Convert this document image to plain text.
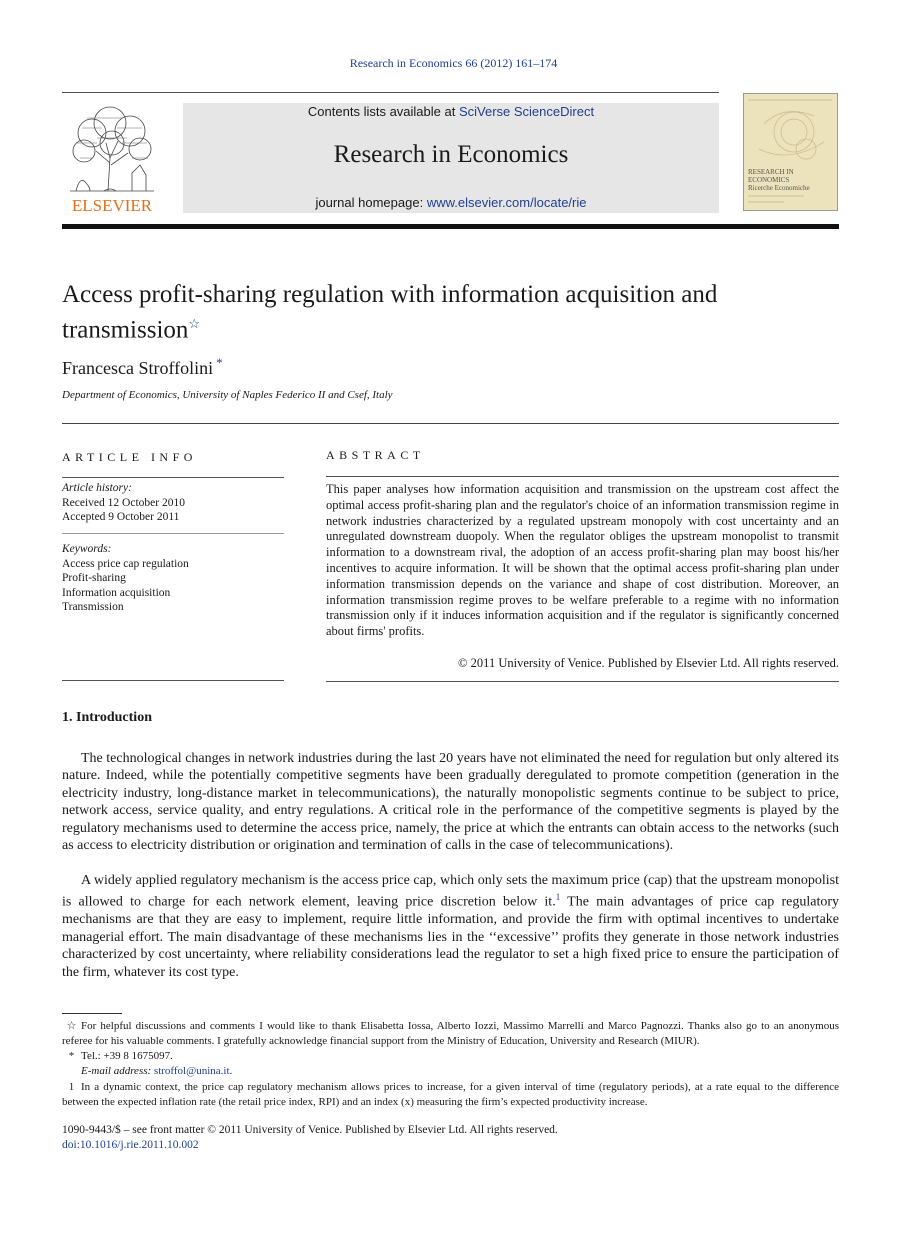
Research in Economics 66 (2012) 161–174
ELSEVIER
Contents lists available at SciVerse ScienceDirect
Research in Economics
journal homepage: www.elsevier.com/locate/rie
RESEARCH IN
ECONOMICS
Ricerche Economiche
Access profit-sharing regulation with information acquisition and transmission☆
Francesca Stroffolini *
Department of Economics, University of Naples Federico II and Csef, Italy
ARTICLE INFO
Article history:
Received 12 October 2010
Accepted 9 October 2011
Keywords:
Access price cap regulation
Profit-sharing
Information acquisition
Transmission
ABSTRACT
This paper analyses how information acquisition and transmission on the upstream cost affect the optimal access profit-sharing plan and the regulator's choice of an information transmission regime in network industries characterized by a regulated upstream monopoly with cost uncertainty and an unregulated downstream duopoly. When the regulator obliges the upstream monopolist to transmit information to a downstream rival, the adoption of an access profit-sharing plan may boost his/her incentives to acquire information. It will be shown that the optimal access profit-sharing plan under information transmission depends on the variance and shape of cost distribution. Moreover, an information transmission regime proves to be welfare preferable to a regime with no information transmission only if it induces information acquisition and if the regulator is significantly concerned about firms' profits.
© 2011 University of Venice. Published by Elsevier Ltd. All rights reserved.
1. Introduction
The technological changes in network industries during the last 20 years have not eliminated the need for regulation but only altered its nature. Indeed, while the potentially competitive segments have been gradually deregulated to promote competition (generation in the electricity industry, long-distance market in telecommunications), the naturally monopolistic segments continue to be subject to price, network access, service quality, and entry regulations. A critical role in the performance of the competitive segments is played by the regulatory mechanisms used to determine the access price, namely, the price at which the entrants can obtain access to the networks (such as access to electricity distribution or origination and termination of calls in the case of telecommunications).
A widely applied regulatory mechanism is the access price cap, which only sets the maximum price (cap) that the upstream monopolist is allowed to charge for each network element, leaving price discretion below it.$^1$ The main advantages of price cap regulatory mechanisms are that they are easy to implement, require little information, and provide the firm with optimal incentives to undertake managerial effort. The main disadvantage of these mechanisms lies in the ‘‘excessive’’ profits they generate in those network industries characterized by cost uncertainty, where reliability considerations lead the regulator to set a high fixed price to ensure the participation of the firm, whatever its cost type.
☆ For helpful discussions and comments I would like to thank Elisabetta Iossa, Alberto Iozzi, Massimo Marrelli and Marco Pagnozzi. Thanks also go to an anonymous referee for his valuable comments. I gratefully acknowledge financial support from the Ministry of Education, University and Research (MIUR).
* Tel.: +39 8 1675097.
E-mail address: stroffol@unina.it.
1 In a dynamic context, the price cap regulatory mechanism allows prices to increase, for a given interval of time (regulatory periods), at a rate equal to the difference between the expected inflation rate (the retail price index, RPI) and an index (x) measuring the firm’s expected productivity increase.
1090-9443/$ – see front matter © 2011 University of Venice. Published by Elsevier Ltd. All rights reserved.
doi:10.1016/j.rie.2011.10.002
